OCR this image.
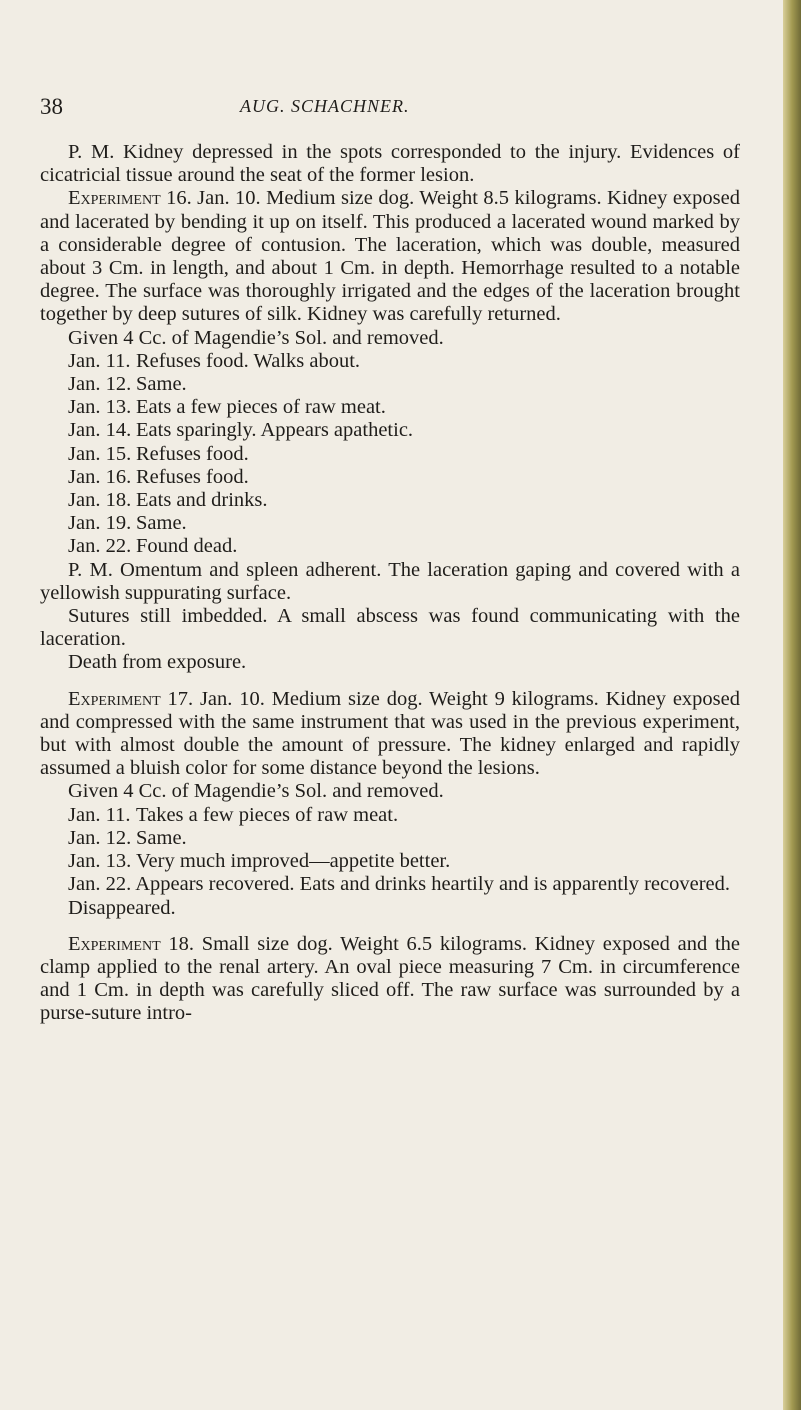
38	AUG. SCHACHNER.
P. M. Kidney depressed in the spots corresponded to the injury. Evidences of cicatricial tissue around the seat of the former lesion.
Experiment 16. Jan. 10. Medium size dog. Weight 8.5 kilograms. Kidney exposed and lacerated by bending it up on itself. This produced a lacerated wound marked by a considerable degree of contusion. The laceration, which was double, measured about 3 Cm. in length, and about 1 Cm. in depth. Hemorrhage resulted to a notable degree. The surface was thoroughly irrigated and the edges of the laceration brought together by deep sutures of silk. Kidney was carefully returned.
Given 4 Cc. of Magendie’s Sol. and removed.
Jan. 11. Refuses food. Walks about.
Jan. 12. Same.
Jan. 13. Eats a few pieces of raw meat.
Jan. 14. Eats sparingly. Appears apathetic.
Jan. 15. Refuses food.
Jan. 16. Refuses food.
Jan. 18. Eats and drinks.
Jan. 19. Same.
Jan. 22. Found dead.
P. M. Omentum and spleen adherent. The laceration gaping and covered with a yellowish suppurating surface.
Sutures still imbedded. A small abscess was found communicating with the laceration.
Death from exposure.
Experiment 17. Jan. 10. Medium size dog. Weight 9 kilograms. Kidney exposed and compressed with the same instrument that was used in the previous experiment, but with almost double the amount of pressure. The kidney enlarged and rapidly assumed a bluish color for some distance beyond the lesions.
Given 4 Cc. of Magendie’s Sol. and removed.
Jan. 11. Takes a few pieces of raw meat.
Jan. 12. Same.
Jan. 13. Very much improved—appetite better.
Jan. 22. Appears recovered. Eats and drinks heartily and is apparently recovered.
Disappeared.
Experiment 18. Small size dog. Weight 6.5 kilograms. Kidney exposed and the clamp applied to the renal artery. An oval piece measuring 7 Cm. in circumference and 1 Cm. in depth was carefully sliced off. The raw surface was surrounded by a purse-suture intro-
